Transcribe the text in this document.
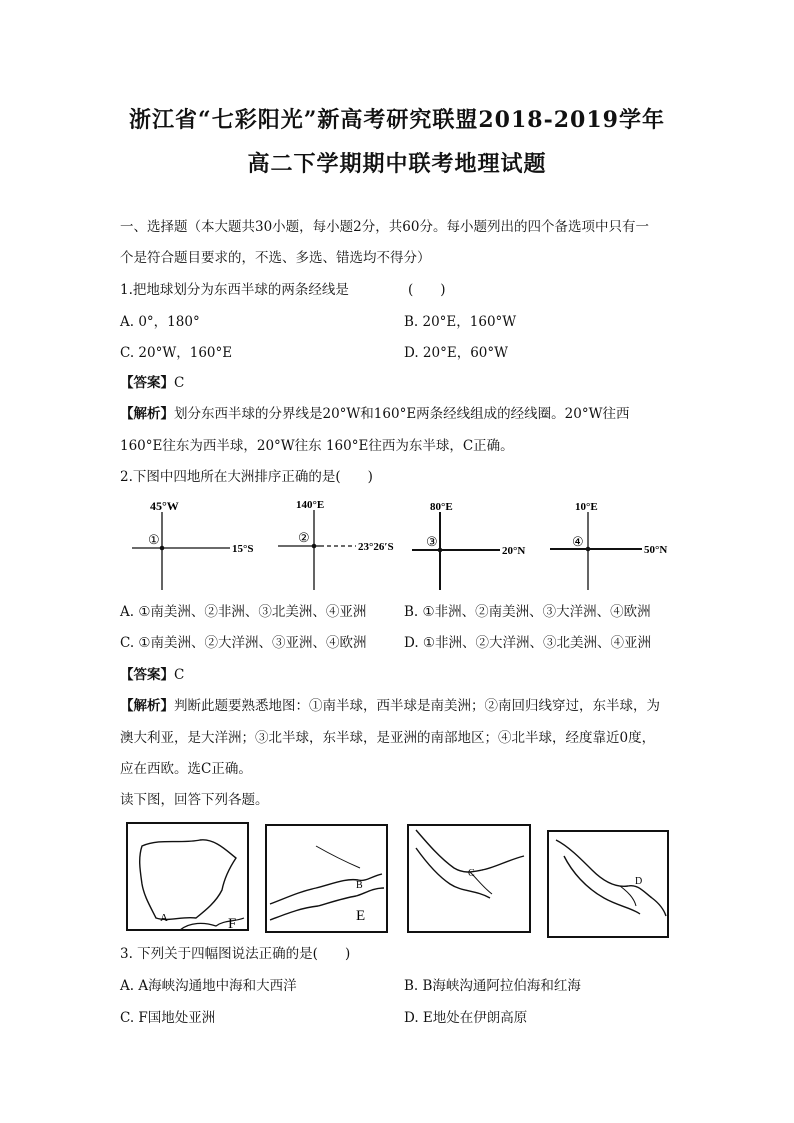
浙江省“七彩阳光”新高考研究联盟2018-2019学年
高二下学期期中联考地理试题
一、选择题（本大题共30小题，每小题2分，共60分。每小题列出的四个备选项中只有一
个是符合题目要求的，不选、多选、错选均不得分）
1.把地球划分为东西半球的两条经线是	(　　)
A. 0°，180°	B. 20°E，160°W
C. 20°W，160°E	D. 20°E，60°W
【答案】C
【解析】划分东西半球的分界线是20°W和160°E两条经线组成的经线圈。20°W往西
160°E往东为西半球，20°W往东 160°E往西为东半球，C正确。
2.下图中四地所在大洲排序正确的是(　　)
45°W
①
15°S
140°E
②
23°26′S
80°E
③
20°N
10°E
④
50°N
A. ①南美洲、②非洲、③北美洲、④亚洲	B. ①非洲、②南美洲、③大洋洲、④欧洲
C. ①南美洲、②大洋洲、③亚洲、④欧洲	D. ①非洲、②大洋洲、③北美洲、④亚洲
【答案】C
【解析】判断此题要熟悉地图：①南半球，西半球是南美洲；②南回归线穿过，东半球，为
澳大利亚，是大洋洲；③北半球，东半球，是亚洲的南部地区；④北半球，经度靠近0度，
应在西欧。选C正确。
读下图，回答下列各题。
A	F
B
E
C
D
3. 下列关于四幅图说法正确的是(　　)
A. A海峡沟通地中海和大西洋	B. B海峡沟通阿拉伯海和红海
C. F国地处亚洲	D. E地处在伊朗高原
